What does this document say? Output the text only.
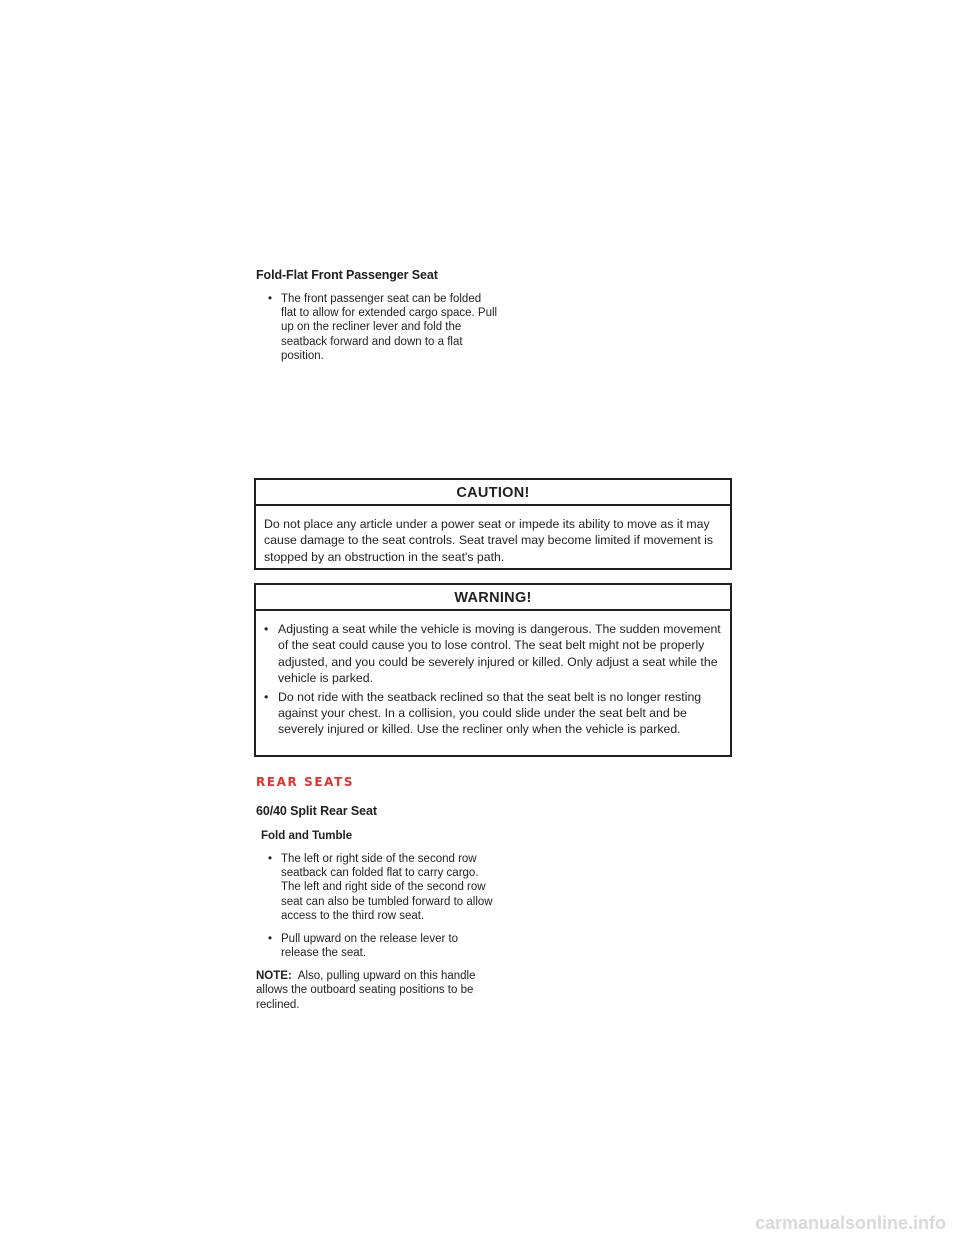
Fold-Flat Front Passenger Seat
• The front passenger seat can be folded flat to allow for extended cargo space. Pull up on the recliner lever and fold the seatback forward and down to a flat position.
CAUTION!
Do not place any article under a power seat or impede its ability to move as it may cause damage to the seat controls. Seat travel may become limited if movement is stopped by an obstruction in the seat's path.
WARNING!
• Adjusting a seat while the vehicle is moving is dangerous. The sudden movement of the seat could cause you to lose control. The seat belt might not be properly adjusted, and you could be severely injured or killed. Only adjust a seat while the vehicle is parked.
• Do not ride with the seatback reclined so that the seat belt is no longer resting against your chest. In a collision, you could slide under the seat belt and be severely injured or killed. Use the recliner only when the vehicle is parked.
REAR SEATS
60/40 Split Rear Seat
Fold and Tumble
• The left or right side of the second row seatback can folded flat to carry cargo. The left and right side of the second row seat can also be tumbled forward to allow access to the third row seat.
• Pull upward on the release lever to release the seat.
NOTE: Also, pulling upward on this handle allows the outboard seating positions to be reclined.
carmanualsonline.info
